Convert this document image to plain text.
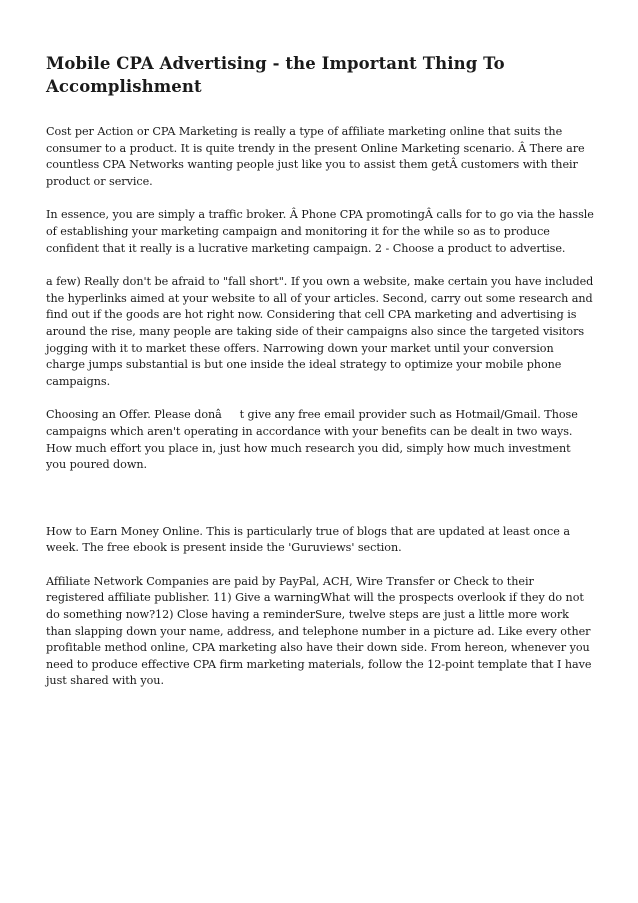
Mobile CPA Advertising - the Important Thing To Accomplishment

Cost per Action or CPA Marketing is really a type of affiliate marketing online that suits the consumer to a product. It is quite trendy in the present Online Marketing scenario. Â There are countless CPA Networks wanting people just like you to assist them getÂ customers with their product or service.

In essence, you are simply a traffic broker. Â Phone CPA promotingÂ calls for to go via the hassle of establishing your marketing campaign and monitoring it for the while so as to produce confident that it really is a lucrative marketing campaign. 2 - Choose a product to advertise.

a few) Really don't be afraid to "fall short". If you own a website, make certain you have included the hyperlinks aimed at your website to all of your articles. Second, carry out some research and find out if the goods are hot right now. Considering that cell CPA marketing and advertising is around the rise, many people are taking side of their campaigns also since the targeted visitors jogging with it to market these offers. Narrowing down your market until your conversion charge jumps substantial is but one inside the ideal strategy to optimize your mobile phone campaigns.

Choosing an Offer. Please donât give any free email provider such as Hotmail/Gmail. Those campaigns which aren't operating in accordance with your benefits can be dealt in two ways. How much effort you place in, just how much research you did, simply how much investment you poured down.

How to Earn Money Online. This is particularly true of blogs that are updated at least once a week. The free ebook is present inside the 'Guruviews' section.

Affiliate Network Companies are paid by PayPal, ACH, Wire Transfer or Check to their registered affiliate publisher. 11) Give a warningWhat will the prospects overlook if they do not do something now?12) Close having a reminderSure, twelve steps are just a little more work than slapping down your name, address, and telephone number in a picture ad. Like every other profitable method online, CPA marketing also have their down side. From hereon, whenever you need to produce effective CPA firm marketing materials, follow the 12-point template that I have just shared with you.
